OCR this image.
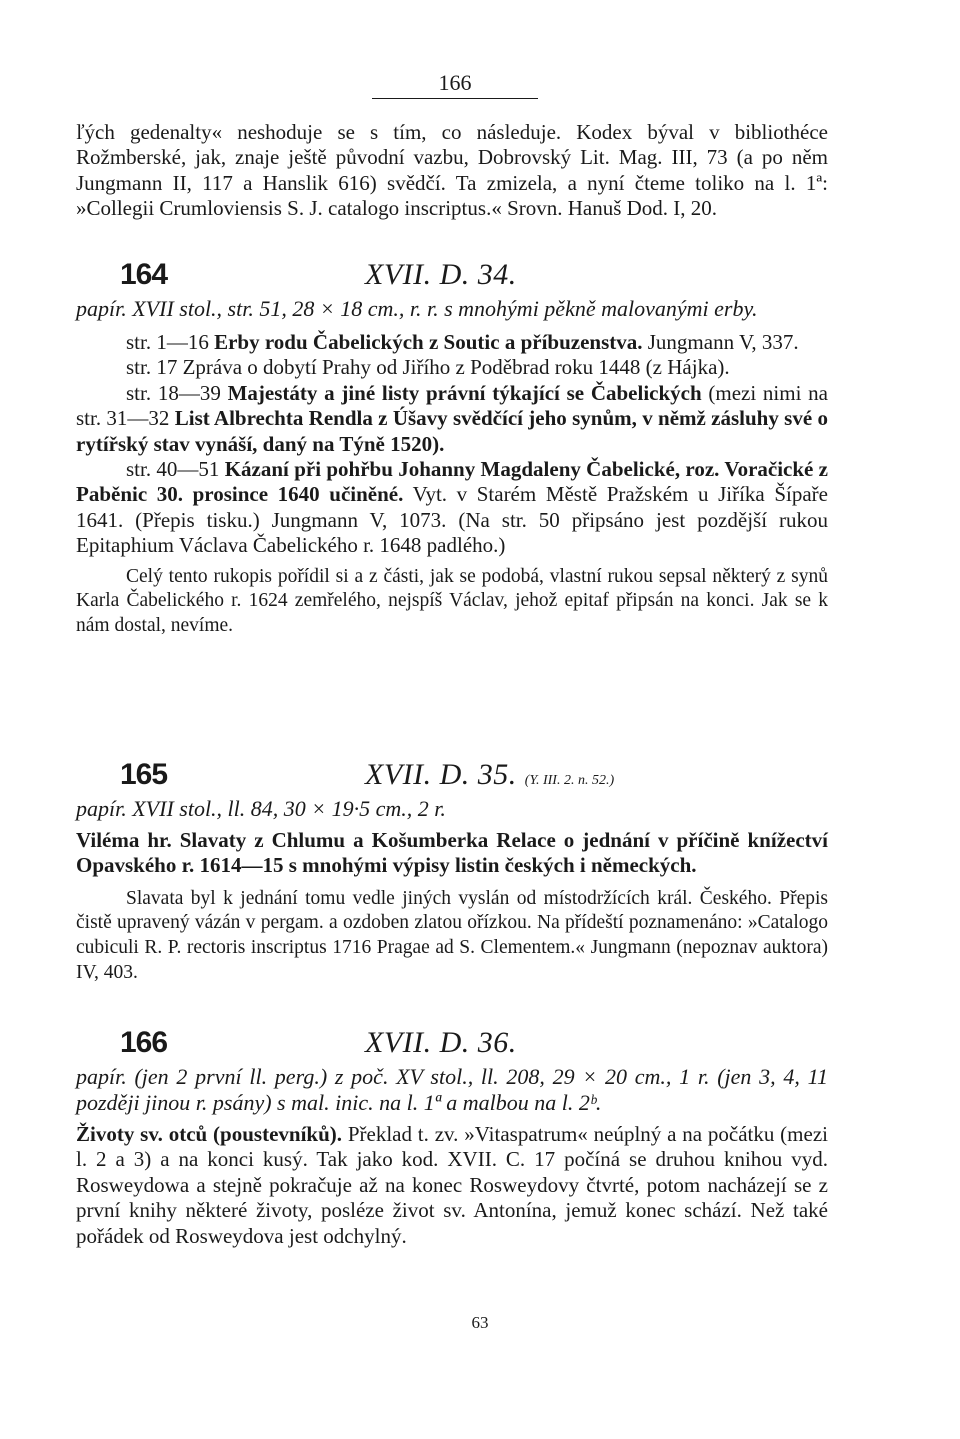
166

ľých gedenalty« neshoduje se s tím, co následuje. Kodex býval v bibliothéce Rožmberské, jak, znaje ještě původní vazbu, Dobrovský Lit. Mag. III, 73 (a po něm Jungmann II, 117 a Hanslik 616) svědčí. Ta zmizela, a nyní čteme toliko na l. 1ª: »Collegii Crumloviensis S. J. catalogo inscriptus.« Srovn. Hanuš Dod. I, 20.

164	XVII. D. 34.

papír. XVII stol., str. 51, 28 × 18 cm., r. r. s mnohými pěkně malovanými erby.

str. 1—16 Erby rodu Čabelických z Soutic a příbuzenstva. Jungmann V, 337.

str. 17 Zpráva o dobytí Prahy od Jiřího z Poděbrad roku 1448 (z Hájka).

str. 18—39 Majestáty a jiné listy právní týkající se Čabelických (mezi nimi na str. 31—32 List Albrechta Rendla z Úšavy svědčící jeho synům, v němž zásluhy své o rytířský stav vynáší, daný na Týně 1520).

str. 40—51 Kázaní při pohřbu Johanny Magdaleny Čabelické, roz. Voračické z Paběnic 30. prosince 1640 učiněné. Vyt. v Starém Městě Pražském u Jiříka Šípaře 1641. (Přepis tisku.) Jungmann V, 1073. (Na str. 50 připsáno jest pozdější rukou Epitaphium Václava Čabelického r. 1648 padlého.)

Celý tento rukopis pořídil si a z části, jak se podobá, vlastní rukou sepsal některý z synů Karla Čabelického r. 1624 zemřelého, nejspíš Václav, jehož epitaf připsán na konci. Jak se k nám dostal, nevíme.

165	XVII. D. 35. (Y. III. 2. n. 52.)

papír. XVII stol., ll. 84, 30 × 19·5 cm., 2 r.

Viléma hr. Slavaty z Chlumu a Košumberka Relace o jednání v příčině knížectví Opavského r. 1614—15 s mnohými výpisy listin českých i německých.

Slavata byl k jednání tomu vedle jiných vyslán od místodržících král. Českého. Přepis čistě upravený vázán v pergam. a ozdoben zlatou ořízkou. Na přídeští poznamenáno: »Catalogo cubiculi R. P. rectoris inscriptus 1716 Pragae ad S. Clementem.« Jungmann (nepoznav auktora) IV, 403.

166	XVII. D. 36.

papír. (jen 2 první ll. perg.) z poč. XV stol., ll. 208, 29 × 20 cm., 1 r. (jen 3, 4, 11 později jinou r. psány) s mal. inic. na l. 1ª a malbou na l. 2ᵇ.

Životy sv. otců (poustevníků). Překlad t. zv. »Vitaspatrum« neúplný a na počátku (mezi l. 2 a 3) a na konci kusý. Tak jako kod. XVII. C. 17 počíná se druhou knihou vyd. Rosweydowa a stejně pokračuje až na konec Rosweydovy čtvrté, potom nacházejí se z první knihy některé životy, posléze život sv. Antonína, jemuž konec schází. Než také pořádek od Rosweydova jest odchylný.

63
